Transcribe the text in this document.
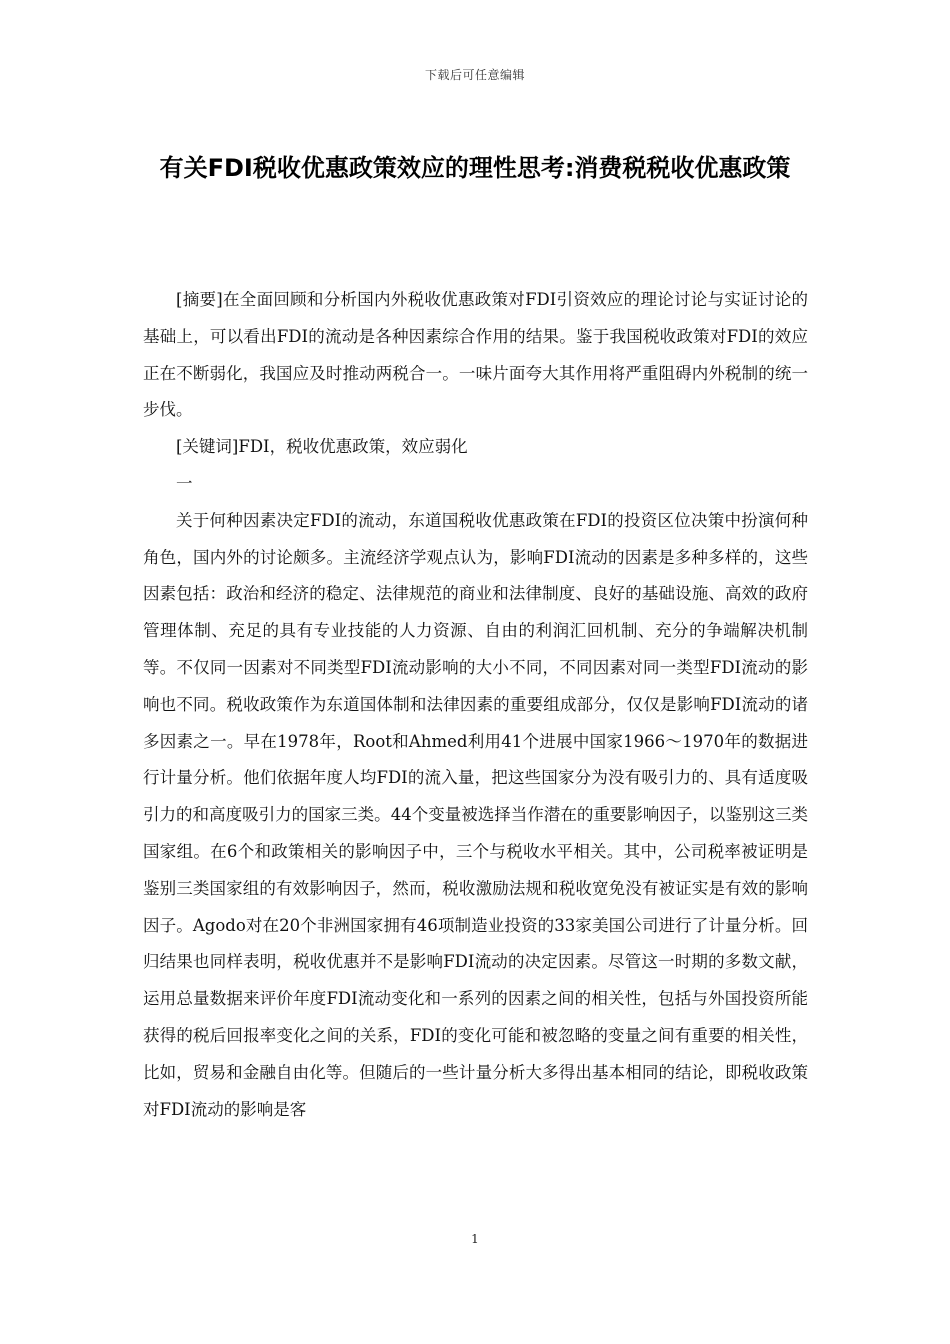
下载后可任意编辑
有关FDI税收优惠政策效应的理性思考:消费税税收优惠政策

[摘要]在全面回顾和分析国内外税收优惠政策对FDI引资效应的理论讨论与实证讨论的基础上，可以看出FDI的流动是各种因素综合作用的结果。鉴于我国税收政策对FDI的效应正在不断弱化，我国应及时推动两税合一。一味片面夸大其作用将严重阻碍内外税制的统一步伐。

[关键词]FDI，税收优惠政策，效应弱化

一

关于何种因素决定FDI的流动，东道国税收优惠政策在FDI的投资区位决策中扮演何种角色，国内外的讨论颇多。主流经济学观点认为，影响FDI流动的因素是多种多样的，这些因素包括：政治和经济的稳定、法律规范的商业和法律制度、良好的基础设施、高效的政府管理体制、充足的具有专业技能的人力资源、自由的利润汇回机制、充分的争端解决机制等。不仅同一因素对不同类型FDI流动影响的大小不同，不同因素对同一类型FDI流动的影响也不同。税收政策作为东道国体制和法律因素的重要组成部分，仅仅是影响FDI流动的诸多因素之一。早在1978年，Root和Ahmed利用41个进展中国家1966～1970年的数据进行计量分析。他们依据年度人均FDI的流入量，把这些国家分为没有吸引力的、具有适度吸引力的和高度吸引力的国家三类。44个变量被选择当作潜在的重要影响因子，以鉴别这三类国家组。在6个和政策相关的影响因子中，三个与税收水平相关。其中，公司税率被证明是鉴别三类国家组的有效影响因子，然而，税收激励法规和税收宽免没有被证实是有效的影响因子。Agodo对在20个非洲国家拥有46项制造业投资的33家美国公司进行了计量分析。回归结果也同样表明，税收优惠并不是影响FDI流动的决定因素。尽管这一时期的多数文献，运用总量数据来评价年度FDI流动变化和一系列的因素之间的相关性，包括与外国投资所能获得的税后回报率变化之间的关系，FDI的变化可能和被忽略的变量之间有重要的相关性，比如，贸易和金融自由化等。但随后的一些计量分析大多得出基本相同的结论，即税收政策对FDI流动的影响是客

1
